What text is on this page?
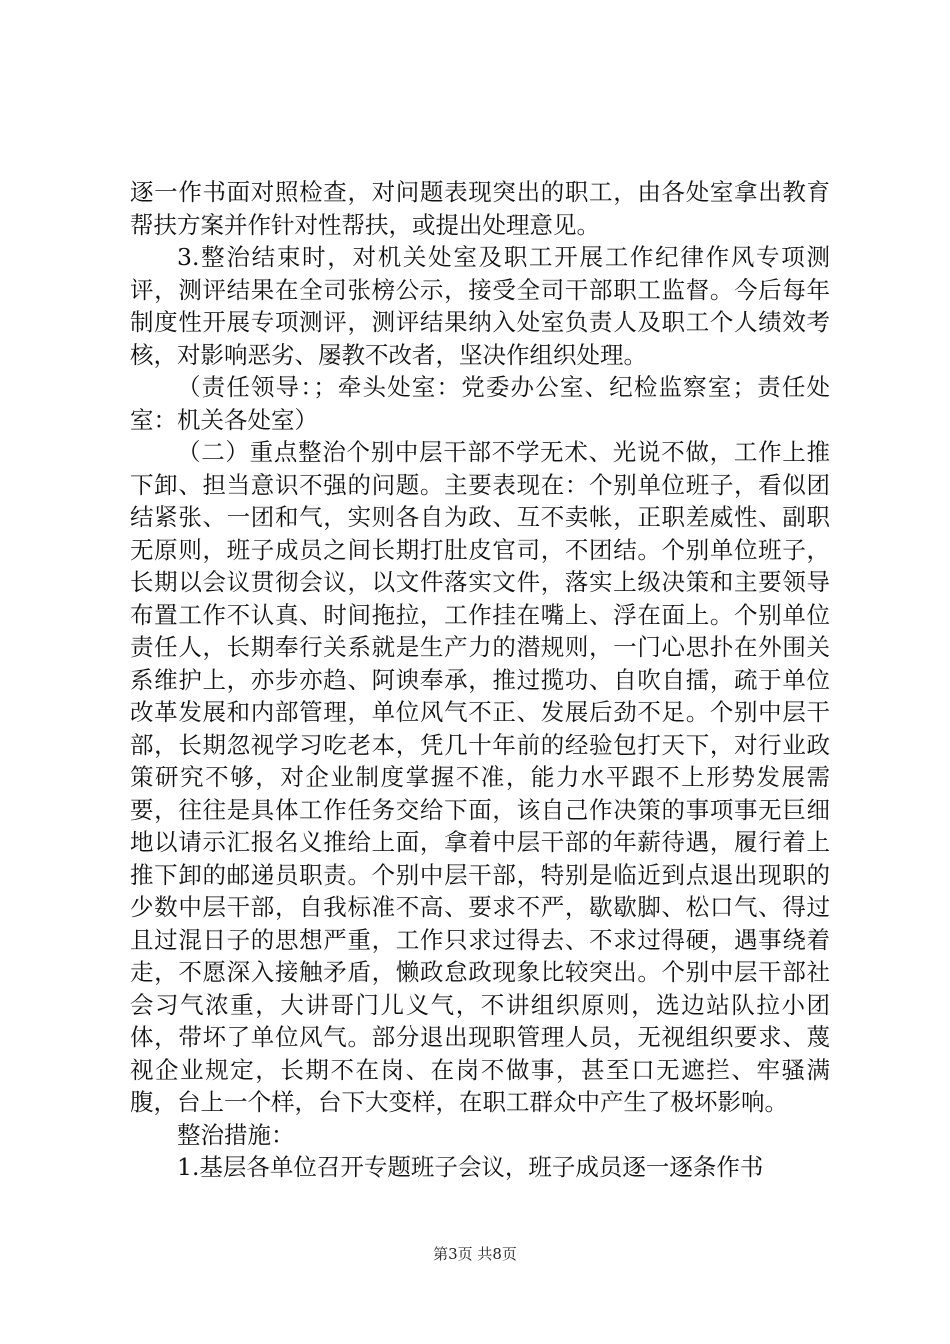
逐一作书面对照检查，对问题表现突出的职工，由各处室拿出教育帮扶方案并作针对性帮扶，或提出处理意见。

3.整治结束时，对机关处室及职工开展工作纪律作风专项测评，测评结果在全司张榜公示，接受全司干部职工监督。今后每年制度性开展专项测评，测评结果纳入处室负责人及职工个人绩效考核，对影响恶劣、屡教不改者，坚决作组织处理。

（责任领导：；牵头处室：党委办公室、纪检监察室；责任处室：机关各处室）

（二）重点整治个别中层干部不学无术、光说不做，工作上推下卸、担当意识不强的问题。主要表现在：个别单位班子，看似团结紧张、一团和气，实则各自为政、互不卖帐，正职差威性、副职无原则，班子成员之间长期打肚皮官司，不团结。个别单位班子，长期以会议贯彻会议，以文件落实文件，落实上级决策和主要领导布置工作不认真、时间拖拉，工作挂在嘴上、浮在面上。个别单位责任人，长期奉行关系就是生产力的潜规则，一门心思扑在外围关系维护上，亦步亦趋、阿谀奉承，推过揽功、自吹自擂，疏于单位改革发展和内部管理，单位风气不正、发展后劲不足。个别中层干部，长期忽视学习吃老本，凭几十年前的经验包打天下，对行业政策研究不够，对企业制度掌握不准，能力水平跟不上形势发展需要，往往是具体工作任务交给下面，该自己作决策的事项事无巨细地以请示汇报名义推给上面，拿着中层干部的年薪待遇，履行着上推下卸的邮递员职责。个别中层干部，特别是临近到点退出现职的少数中层干部，自我标准不高、要求不严，歇歇脚、松口气、得过且过混日子的思想严重，工作只求过得去、不求过得硬，遇事绕着走，不愿深入接触矛盾，懒政怠政现象比较突出。个别中层干部社会习气浓重，大讲哥门儿义气，不讲组织原则，选边站队拉小团体，带坏了单位风气。部分退出现职管理人员，无视组织要求、蔑视企业规定，长期不在岗、在岗不做事，甚至口无遮拦、牢骚满腹，台上一个样，台下大变样，在职工群众中产生了极坏影响。

整治措施：

1.基层各单位召开专题班子会议，班子成员逐一逐条作书

第3页 共8页
